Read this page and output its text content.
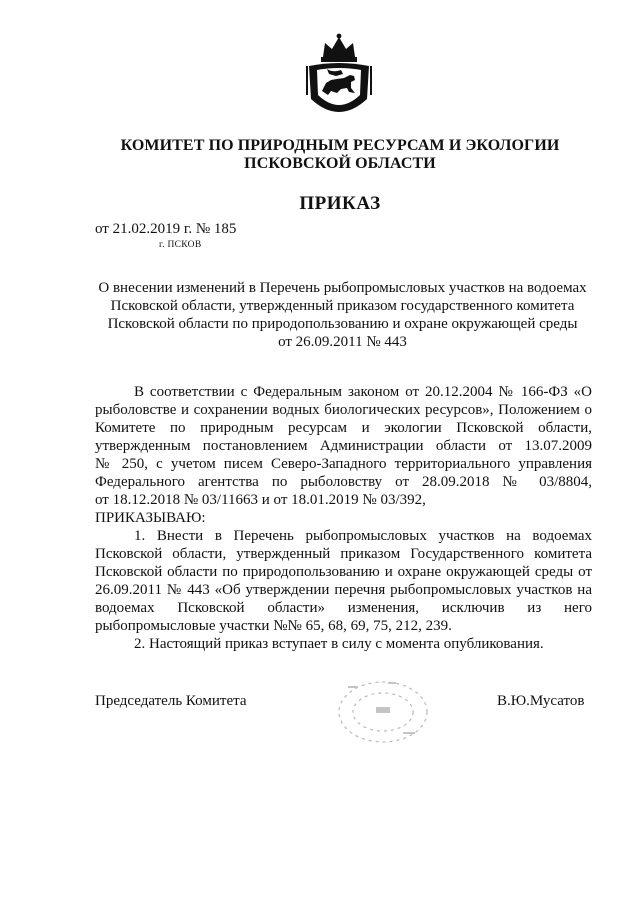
КОМИТЕТ ПО ПРИРОДНЫМ РЕСУРСАМ И ЭКОЛОГИИ
ПСКОВСКОЙ ОБЛАСТИ
ПРИКАЗ
от 21.02.2019 г. № 185
г. ПСКОВ
О внесении изменений в Перечень рыбопромысловых участков на водоемах
Псковской области, утвержденный приказом государственного комитета
Псковской области по природопользованию и охране окружающей среды
от 26.09.2011 № 443
В соответствии с Федеральным законом от 20.12.2004 № 166-ФЗ «О
рыболовстве и сохранении водных биологических ресурсов», Положением о
Комитете по природным ресурсам и экологии Псковской области,
утвержденным постановлением Администрации области от 13.07.2009
№ 250, с учетом писем Северо-Западного территориального управления
Федерального агентства по рыболовству от 28.09.2018 № 03/8804,
от 18.12.2018 № 03/11663 и от 18.01.2019 № 03/392,
ПРИКАЗЫВАЮ:
1. Внести в Перечень рыбопромысловых участков на водоемах
Псковской области, утвержденный приказом Государственного комитета
Псковской области по природопользованию и охране окружающей среды от
26.09.2011 № 443 «Об утверждении перечня рыбопромысловых участков на
водоемах Псковской области» изменения, исключив из него
рыбопромысловые участки №№ 65, 68, 69, 75, 212, 239.
2. Настоящий приказ вступает в силу с момента опубликования.
Председатель Комитета	В.Ю.Мусатов
